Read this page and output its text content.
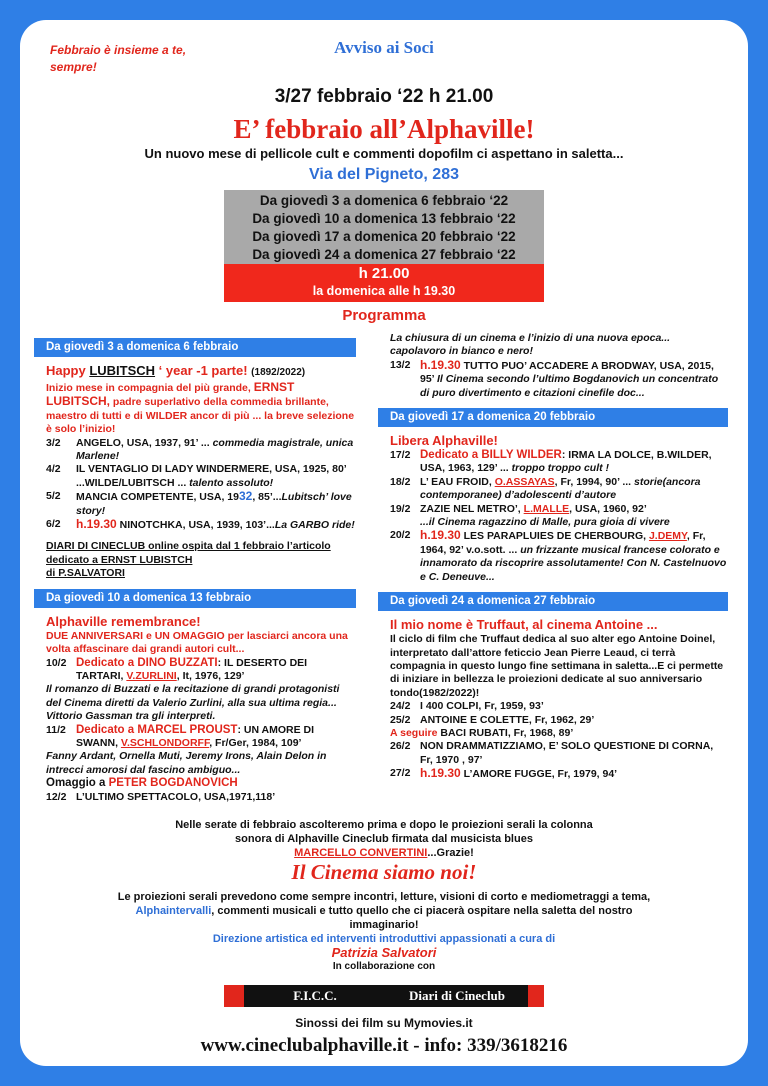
Febbraio è insieme a te,
sempre!
Avviso ai Soci
3/27 febbraio ‘22 h 21.00
E’ febbraio all’Alphaville!
Un nuovo mese di pellicole cult e commenti dopofilm ci aspettano in saletta...
Via del Pigneto, 283
Da giovedì 3 a domenica 6 febbraio ‘22
Da giovedì 10 a domenica 13 febbraio ‘22
Da giovedì 17 a domenica 20 febbraio ‘22
Da giovedì 24 a domenica 27 febbraio ‘22
h 21.00
la domenica alle h 19.30
Programma
Da giovedì 3 a domenica 6 febbraio
Happy LUBITSCH ‘ year -1 parte! (1892/2022)
Inizio mese in compagnia del più grande, ERNST LUBITSCH, padre superlativo della commedia brillante, maestro di tutti e di WILDER ancor di più ... la breve selezione è solo l’inizio!
3/2	ANGELO, USA, 1937, 91’ ... commedia magistrale, unica Marlene!
4/2	IL VENTAGLIO DI LADY WINDERMERE, USA, 1925, 80’ ...WILDE/LUBITSCH ... talento assoluto!
5/2	MANCIA COMPETENTE, USA, 1932, 85’...Lubitsch’ love story!
6/2	h.19.30 NINOTCHKA, USA, 1939, 103’...La GARBO ride!
DIARI DI CINECLUB online ospita dal 1 febbraio l’articolo
dedicato a ERNST LUBISTCH
di P.SALVATORI
Da giovedì 10 a domenica 13 febbraio
Alphaville remembrance!
DUE ANNIVERSARI e UN OMAGGIO per lasciarci ancora una volta affascinare dai grandi autori cult...
10/2 Dedicato a DINO BUZZATI: IL DESERTO DEI TARTARI, V.ZURLINI, It, 1976, 129’
Il romanzo di Buzzati e la recitazione di grandi protagonisti del Cinema diretti da Valerio Zurlini, alla sua ultima regia... Vittorio Gassman tra gli interpreti.
11/2 Dedicato a MARCEL PROUST: UN AMORE DI SWANN, V.SCHLONDORFF, Fr/Ger, 1984, 109’
Fanny Ardant, Ornella Muti, Jeremy Irons, Alain Delon in intrecci amorosi dal fascino ambiguo...
Omaggio a PETER BOGDANOVICH
12/2 L’ULTIMO SPETTACOLO, USA,1971,118’
La chiusura di un cinema e l’inizio di una nuova epoca... capolavoro in bianco e nero!
13/2 h.19.30 TUTTO PUO’ ACCADERE A BRODWAY, USA, 2015, 95’ Il Cinema secondo l’ultimo Bogdanovich un concentrato di puro divertimento e citazioni cinefile doc...
Da giovedì 17 a domenica 20 febbraio
Libera Alphaville!
17/2 Dedicato a BILLY WILDER: IRMA LA DOLCE, B.WILDER, USA, 1963, 129’ ... troppo troppo cult !
18/2 L’ EAU FROID, O.ASSAYAS, Fr, 1994, 90’ ... storie(ancora contemporanee) d’adolescenti d’autore
19/2 ZAZIE NEL METRO’, L.MALLE, USA, 1960, 92’
...il Cinema ragazzino di Malle, pura gioia di vivere
20/2 h.19.30 LES PARAPLUIES DE CHERBOURG, J.DEMY, Fr, 1964, 92’ v.o.sott. ... un frizzante musical francese colorato e innamorato da riscoprire assolutamente! Con N. Castelnuovo e C. Deneuve...
Da giovedì 24 a domenica 27 febbraio
Il mio nome è Truffaut, al cinema Antoine ...
Il ciclo di film che Truffaut dedica al suo alter ego Antoine Doinel, interpretato dall’attore feticcio Jean Pierre Leaud, ci terrà compagnia in questo lungo fine settimana in saletta...E ci permette di iniziare in bellezza le proiezioni dedicate al suo anniversario tondo(1982/2022)!
24/2 I 400 COLPI, Fr, 1959, 93’
25/2 ANTOINE E COLETTE, Fr, 1962, 29’
A seguire BACI RUBATI, Fr, 1968, 89’
26/2 NON DRAMMATIZZIAMO, E’ SOLO QUESTIONE DI CORNA, Fr, 1970 , 97’
27/2 h.19.30 L’AMORE FUGGE, Fr, 1979, 94’
Nelle serate di febbraio ascolteremo prima e dopo le proiezioni serali la colonna
sonora di Alphaville Cineclub firmata dal musicista blues
MARCELLO CONVERTINI...Grazie!
Il Cinema siamo noi!
Le proiezioni serali prevedono come sempre incontri, letture, visioni di corto e mediometraggi a tema,
Alphaintervalli, commenti musicali e tutto quello che ci piacerà ospitare nella saletta del nostro
immaginario!
Direzione artistica ed interventi introduttivi appassionati a cura di
Patrizia Salvatori
In collaborazione con
F.I.C.C.	Diari di Cineclub
Sinossi dei film su Mymovies.it
www.cineclubalphaville.it - info: 339/3618216
